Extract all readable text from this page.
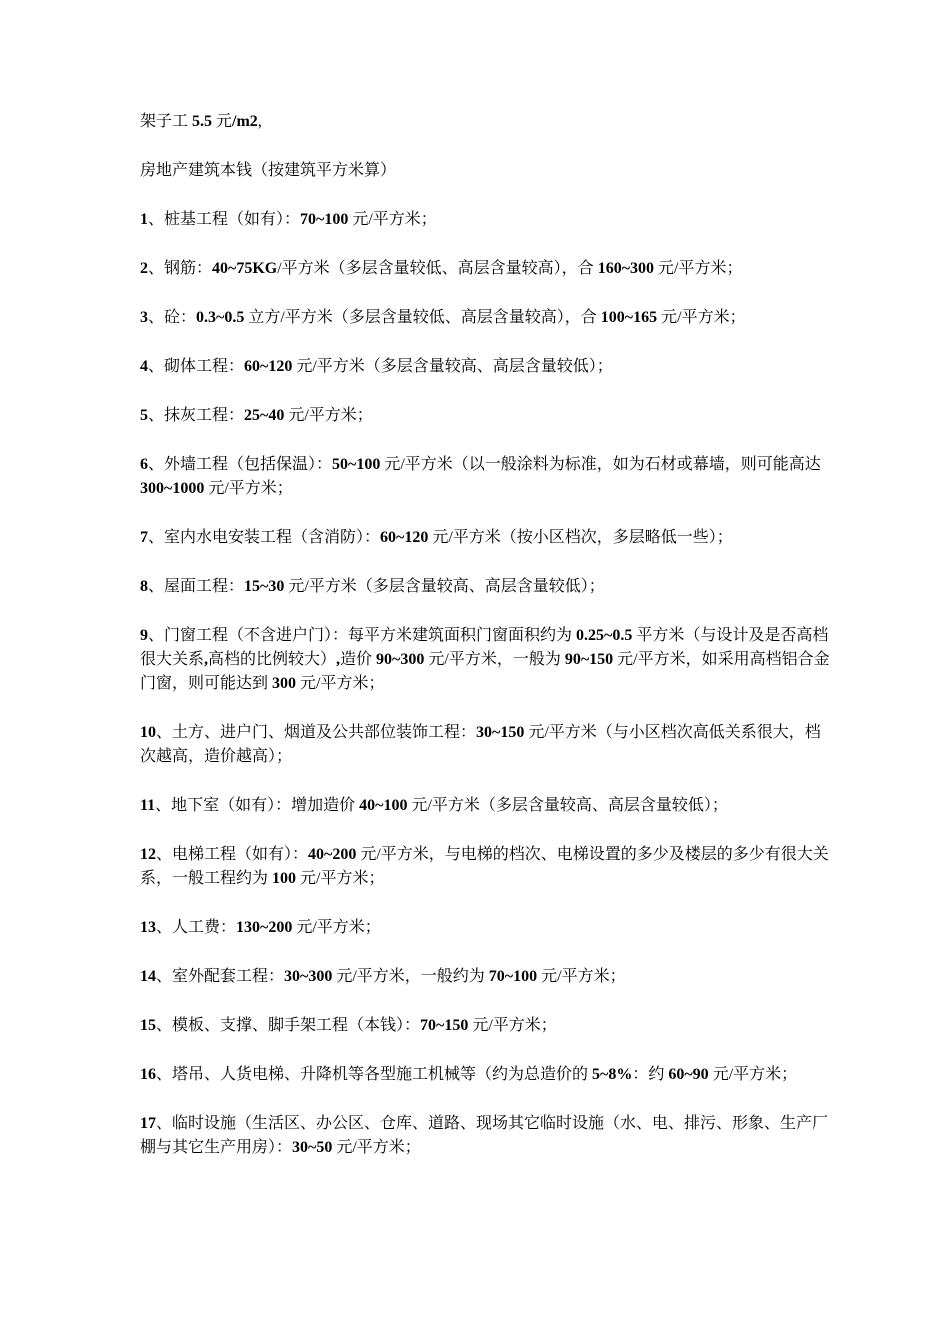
架子工 5.5 元/m2,

房地产建筑本钱（按建筑平方米算）

1、桩基工程（如有）：70~100 元/平方米；

2、钢筋：40~75KG/平方米（多层含量较低、高层含量较高），合 160~300 元/平方米；

3、砼：0.3~0.5 立方/平方米（多层含量较低、高层含量较高），合 100~165 元/平方米；

4、砌体工程：60~120 元/平方米（多层含量较高、高层含量较低）；

5、抹灰工程：25~40 元/平方米；

6、外墙工程（包括保温）：50~100 元/平方米（以一般涂料为标准，如为石材或幕墙，则可能高达 300~1000 元/平方米；

7、室内水电安装工程（含消防）：60~120 元/平方米（按小区档次，多层略低一些）；

8、屋面工程：15~30 元/平方米（多层含量较高、高层含量较低）；

9、门窗工程（不含进户门）：每平方米建筑面积门窗面积约为 0.25~0.5 平方米（与设计及是否高档很大关系,高档的比例较大）,造价 90~300 元/平方米，一般为 90~150 元/平方米，如采用高档铝合金门窗，则可能达到 300 元/平方米；

10、土方、进户门、烟道及公共部位装饰工程：30~150 元/平方米（与小区档次高低关系很大，档次越高，造价越高）；

11、地下室（如有）：增加造价 40~100 元/平方米（多层含量较高、高层含量较低）；

12、电梯工程（如有）：40~200 元/平方米，与电梯的档次、电梯设置的多少及楼层的多少有很大关系，一般工程约为 100 元/平方米；

13、人工费：130~200 元/平方米；

14、室外配套工程：30~300 元/平方米，一般约为 70~100 元/平方米；

15、模板、支撑、脚手架工程（本钱）：70~150 元/平方米；

16、塔吊、人货电梯、升降机等各型施工机械等（约为总造价的 5~8%：约 60~90 元/平方米；

17、临时设施（生活区、办公区、仓库、道路、现场其它临时设施（水、电、排污、形象、生产厂棚与其它生产用房）：30~50 元/平方米；
